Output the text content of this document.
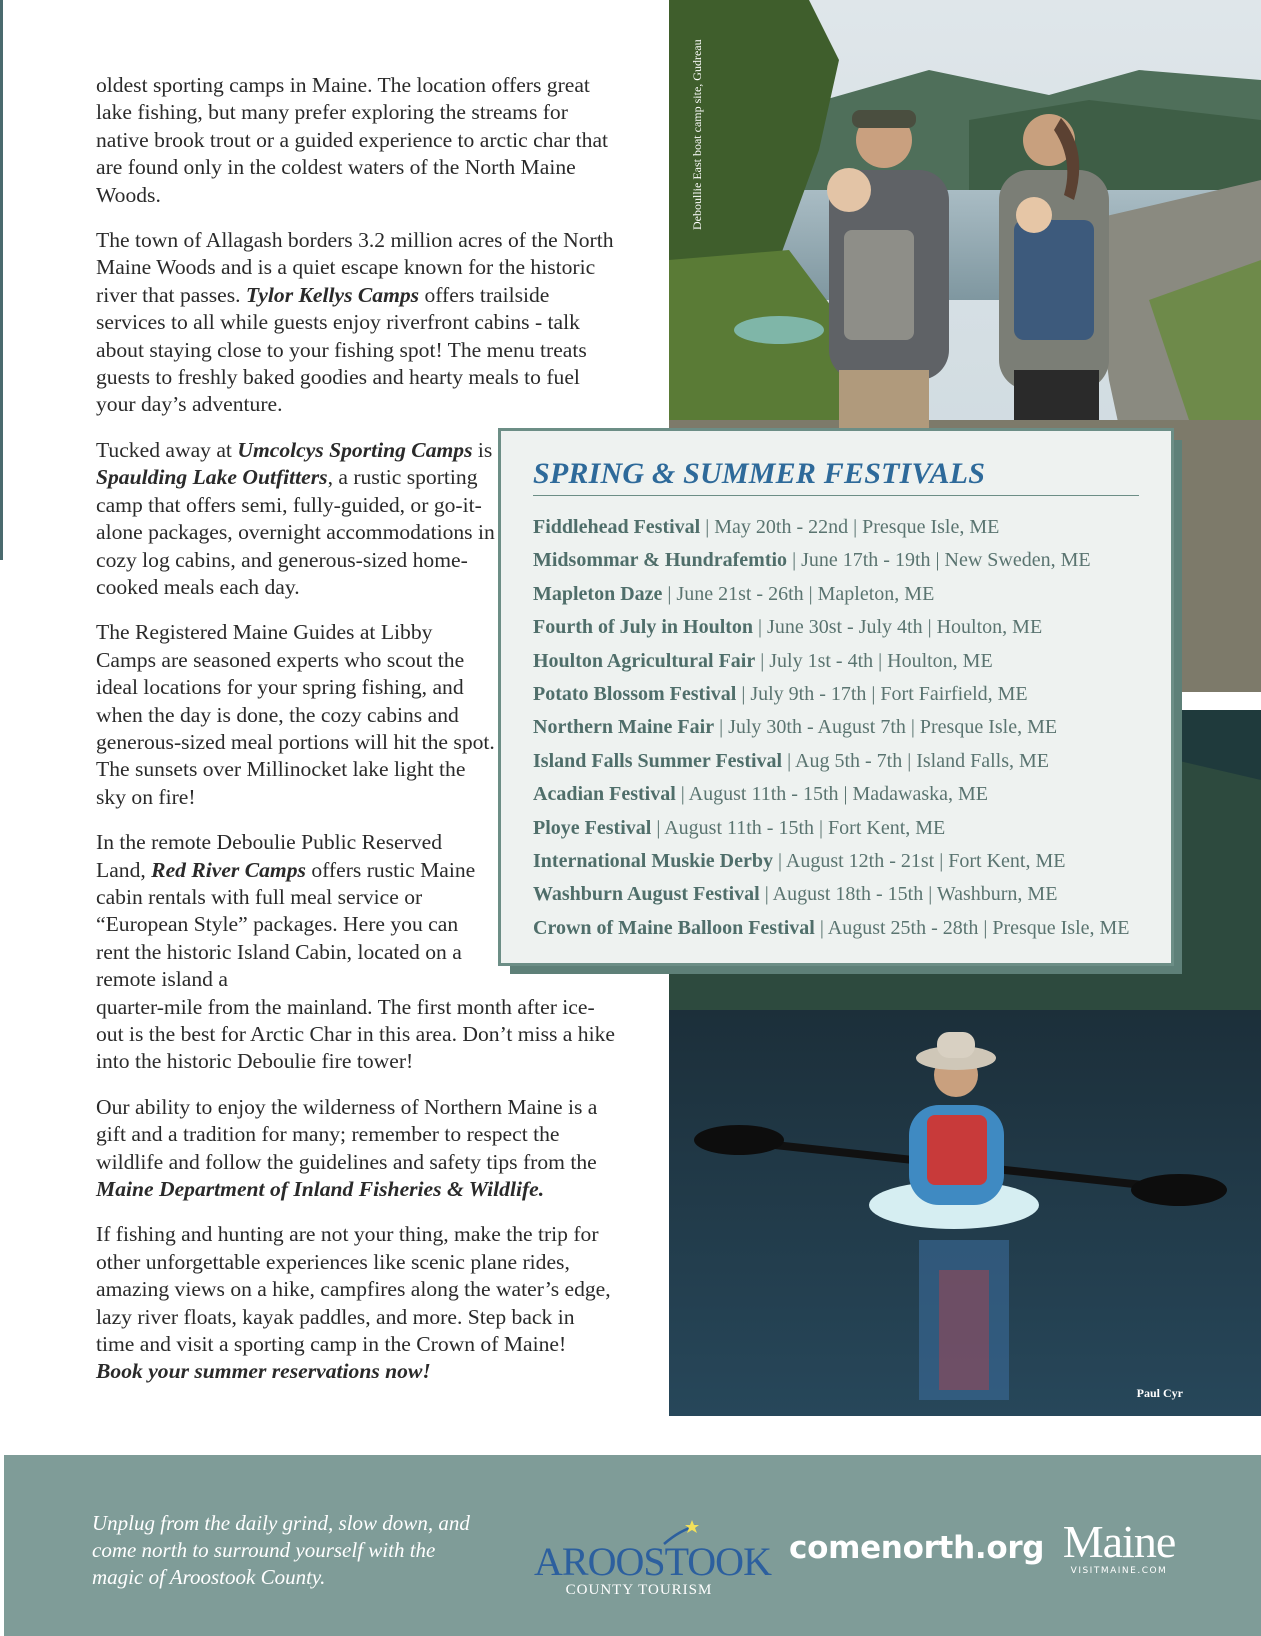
oldest sporting camps in Maine. The location offers great lake fishing, but many prefer exploring the streams for native brook trout or a guided experience to arctic char that are found only in the coldest waters of the North Maine Woods.

The town of Allagash borders 3.2 million acres of the North Maine Woods and is a quiet escape known for the historic river that passes. Tylor Kellys Camps offers trailside services to all while guests enjoy riverfront cabins - talk about staying close to your fishing spot! The menu treats guests to freshly baked goodies and hearty meals to fuel your day’s adventure.

Tucked away at Umcolcys Sporting Camps is Spaulding Lake Outfitters, a rustic sporting camp that offers semi, fully-guided, or go-it-alone packages, overnight accommodations in cozy log cabins, and generous-sized home-cooked meals each day.

The Registered Maine Guides at Libby Camps are seasoned experts who scout the ideal locations for your spring fishing, and when the day is done, the cozy cabins and generous-sized meal portions will hit the spot. The sunsets over Millinocket lake light the sky on fire!

In the remote Deboulie Public Reserved Land, Red River Camps offers rustic Maine cabin rentals with full meal service or “European Style” packages. Here you can rent the historic Island Cabin, located on a remote island a
quarter-mile from the mainland. The first month after ice-out is the best for Arctic Char in this area. Don’t miss a hike into the historic Deboulie fire tower!

Our ability to enjoy the wilderness of Northern Maine is a gift and a tradition for many; remember to respect the wildlife and follow the guidelines and safety tips from the Maine Department of Inland Fisheries & Wildlife.

If fishing and hunting are not your thing, make the trip for other unforgettable experiences like scenic plane rides, amazing views on a hike, campfires along the water’s edge, lazy river floats, kayak paddles, and more. Step back in time and visit a sporting camp in the Crown of Maine! Book your summer reservations now!

Deboullie East boat camp site, Gudreau
Paul Cyr
SPRING & SUMMER FESTIVALS
Fiddlehead Festival | May 20th - 22nd | Presque Isle, ME
Midsommar & Hundrafemtio | June 17th - 19th | New Sweden, ME
Mapleton Daze | June 21st - 26th | Mapleton, ME
Fourth of July in Houlton | June 30st - July 4th | Houlton, ME
Houlton Agricultural Fair | July 1st - 4th | Houlton, ME
Potato Blossom Festival | July 9th - 17th | Fort Fairfield, ME
Northern Maine Fair | July 30th - August 7th | Presque Isle, ME
Island Falls Summer Festival | Aug 5th - 7th | Island Falls, ME
Acadian Festival | August 11th - 15th | Madawaska, ME
Ploye Festival | August 11th - 15th | Fort Kent, ME
International Muskie Derby | August 12th - 21st | Fort Kent, ME
Washburn August Festival | August 18th - 15th | Washburn, ME
Crown of Maine Balloon Festival | August 25th - 28th | Presque Isle, ME
Unplug from the daily grind, slow down, and come north to surround yourself with the magic of Aroostook County.	AROOSTOOK
COUNTY TOURISM
comenorth.org Maine
VISITMAINE.COM
